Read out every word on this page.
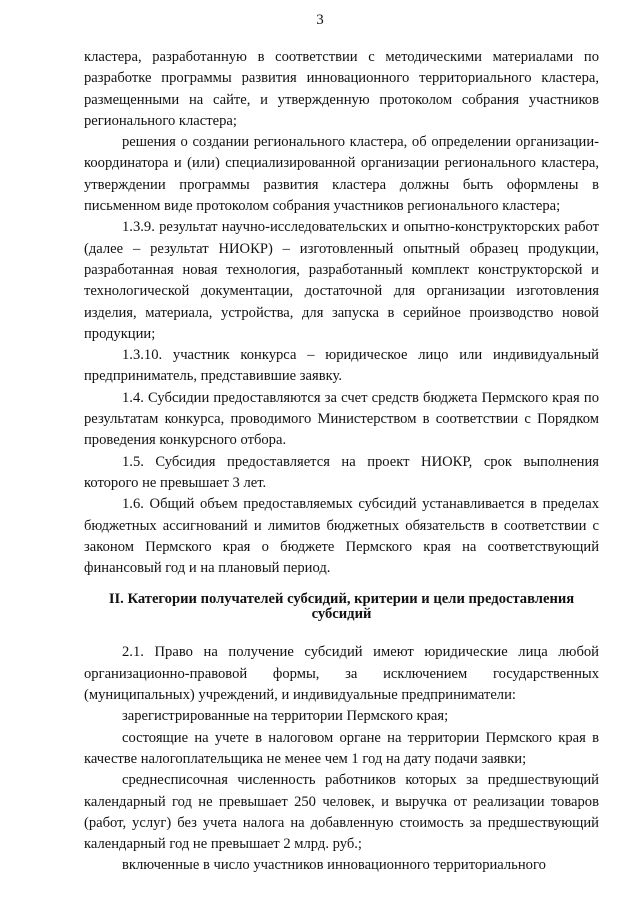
3

кластера, разработанную в соответствии с методическими материалами по разработке программы развития инновационного территориального кластера, размещенными на сайте, и утвержденную протоколом собрания участников регионального кластера;

решения о создании регионального кластера, об определении организации-координатора и (или) специализированной организации регионального кластера, утверждении программы развития кластера должны быть оформлены в письменном виде протоколом собрания участников регионального кластера;

1.3.9. результат научно-исследовательских и опытно-конструкторских работ (далее – результат НИОКР) – изготовленный опытный образец продукции, разработанная новая технология, разработанный комплект конструкторской и технологической документации, достаточной для организации изготовления изделия, материала, устройства, для запуска в серийное производство новой продукции;

1.3.10. участник конкурса – юридическое лицо или индивидуальный предприниматель, представившие заявку.

1.4. Субсидии предоставляются за счет средств бюджета Пермского края по результатам конкурса, проводимого Министерством в соответствии с Порядком проведения конкурсного отбора.

1.5. Субсидия предоставляется на проект НИОКР, срок выполнения которого не превышает 3 лет.

1.6. Общий объем предоставляемых субсидий устанавливается в пределах бюджетных ассигнований и лимитов бюджетных обязательств в соответствии с законом Пермского края о бюджете Пермского края на соответствующий финансовый год и на плановый период.

II. Категории получателей субсидий, критерии и цели предоставления субсидий

2.1. Право на получение субсидий имеют юридические лица любой организационно-правовой формы, за исключением государственных (муниципальных) учреждений, и индивидуальные предприниматели:

зарегистрированные на территории Пермского края;

состоящие на учете в налоговом органе на территории Пермского края в качестве налогоплательщика не менее чем 1 год на дату подачи заявки;

среднесписочная численность работников которых за предшествующий календарный год не превышает 250 человек, и выручка от реализации товаров (работ, услуг) без учета налога на добавленную стоимость за предшествующий календарный год не превышает 2 млрд. руб.;

включенные в число участников инновационного территориального
